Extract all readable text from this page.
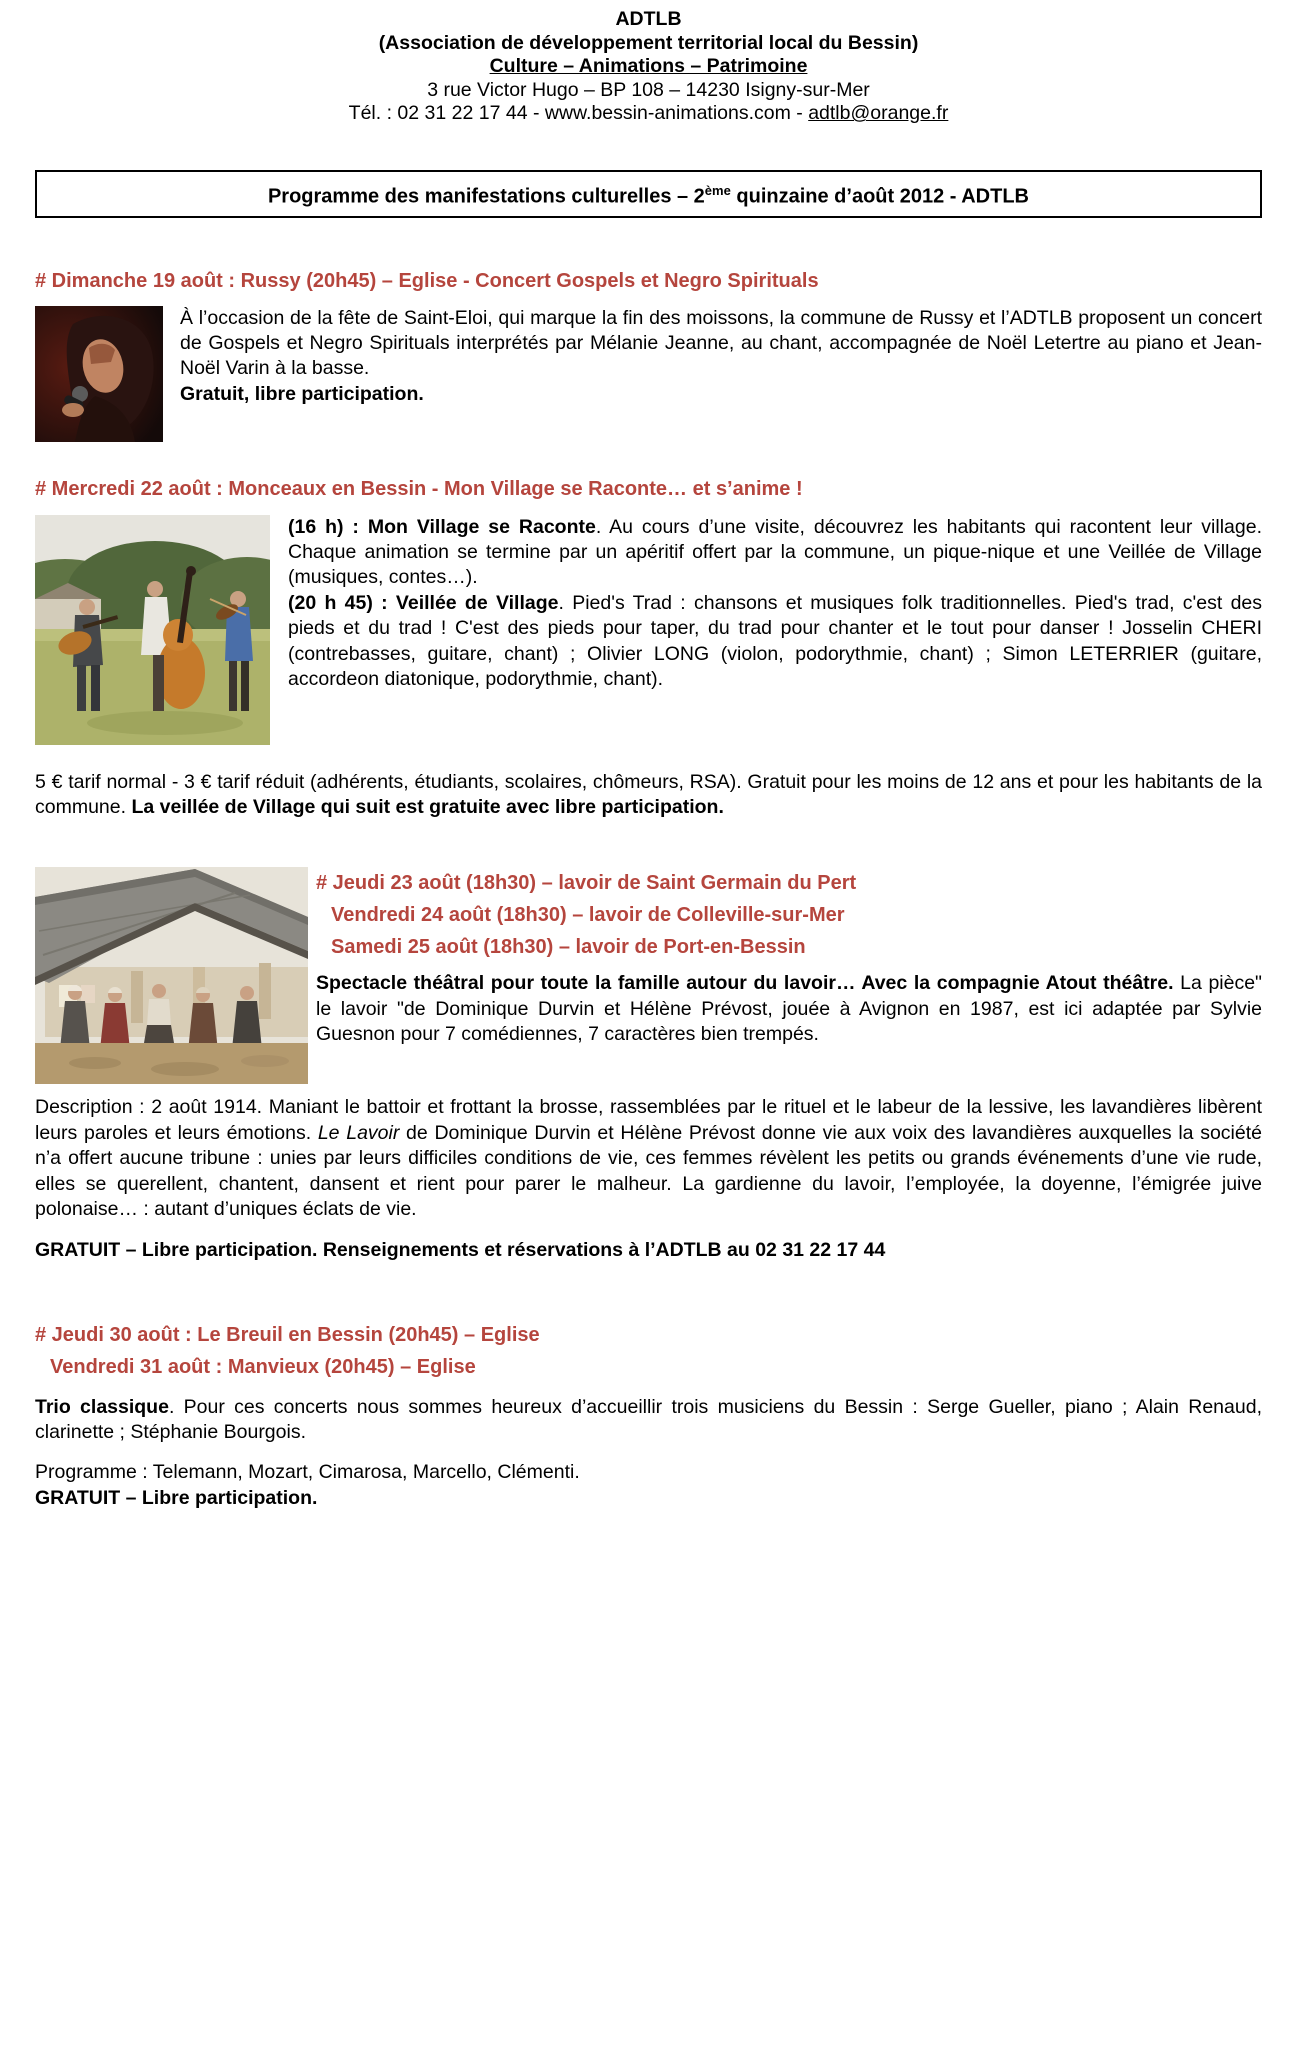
ADTLB
(Association de développement territorial local du Bessin)
Culture – Animations – Patrimoine
3 rue Victor Hugo – BP 108 – 14230 Isigny-sur-Mer
Tél. : 02 31 22 17 44 - www.bessin-animations.com - adtlb@orange.fr
Programme des manifestations culturelles – 2ème quinzaine d’août 2012 - ADTLB
# Dimanche 19 août : Russy (20h45) – Eglise - Concert Gospels et Negro Spirituals

À l’occasion de la fête de Saint-Eloi, qui marque la fin des moissons, la commune de Russy et l’ADTLB proposent un concert de Gospels et Negro Spirituals interprétés par Mélanie Jeanne, au chant, accompagnée de Noël Letertre au piano et Jean-Noël Varin à la basse.

Gratuit, libre participation.

# Mercredi 22 août : Monceaux en Bessin - Mon Village se Raconte… et s’anime !

(16 h) : Mon Village se Raconte. Au cours d’une visite, découvrez les habitants qui racontent leur village. Chaque animation se termine par un apéritif offert par la commune, un pique-nique et une Veillée de Village (musiques, contes…).
(20 h 45) : Veillée de Village. Pied's Trad : chansons et musiques folk traditionnelles. Pied's trad, c'est des pieds et du trad ! C'est des pieds pour taper, du trad pour chanter et le tout pour danser ! Josselin CHERI (contrebasses, guitare, chant) ; Olivier LONG (violon, podorythmie, chant) ; Simon LETERRIER (guitare, accordeon diatonique, podorythmie, chant).

5 € tarif normal - 3 € tarif réduit (adhérents, étudiants, scolaires, chômeurs, RSA). Gratuit pour les moins de 12 ans et pour les habitants de la commune. La veillée de Village qui suit est gratuite avec libre participation.

# Jeudi 23 août (18h30) – lavoir de Saint Germain du Pert
Vendredi 24 août (18h30) – lavoir de Colleville-sur-Mer
Samedi 25 août (18h30) – lavoir de Port-en-Bessin

Spectacle théâtral pour toute la famille autour du lavoir… Avec la compagnie Atout théâtre. La pièce" le lavoir "de Dominique Durvin et Hélène Prévost, jouée à Avignon en 1987, est ici adaptée par Sylvie Guesnon pour 7 comédiennes, 7 caractères bien trempés.

Description : 2 août 1914. Maniant le battoir et frottant la brosse, rassemblées par le rituel et le labeur de la lessive, les lavandières libèrent leurs paroles et leurs émotions. Le Lavoir de Dominique Durvin et Hélène Prévost donne vie aux voix des lavandières auxquelles la société n’a offert aucune tribune : unies par leurs difficiles conditions de vie, ces femmes révèlent les petits ou grands événements d’une vie rude, elles se querellent, chantent, dansent et rient pour parer le malheur. La gardienne du lavoir, l’employée, la doyenne, l’émigrée juive polonaise… : autant d’uniques éclats de vie.

GRATUIT – Libre participation. Renseignements et réservations à l’ADTLB au 02 31 22 17 44

# Jeudi 30 août : Le Breuil en Bessin (20h45) – Eglise
Vendredi 31 août : Manvieux (20h45) – Eglise

Trio classique. Pour ces concerts nous sommes heureux d’accueillir trois musiciens du Bessin : Serge Gueller, piano ; Alain Renaud, clarinette ; Stéphanie Bourgois.

Programme : Telemann, Mozart, Cimarosa, Marcello, Clémenti.

GRATUIT – Libre participation.
